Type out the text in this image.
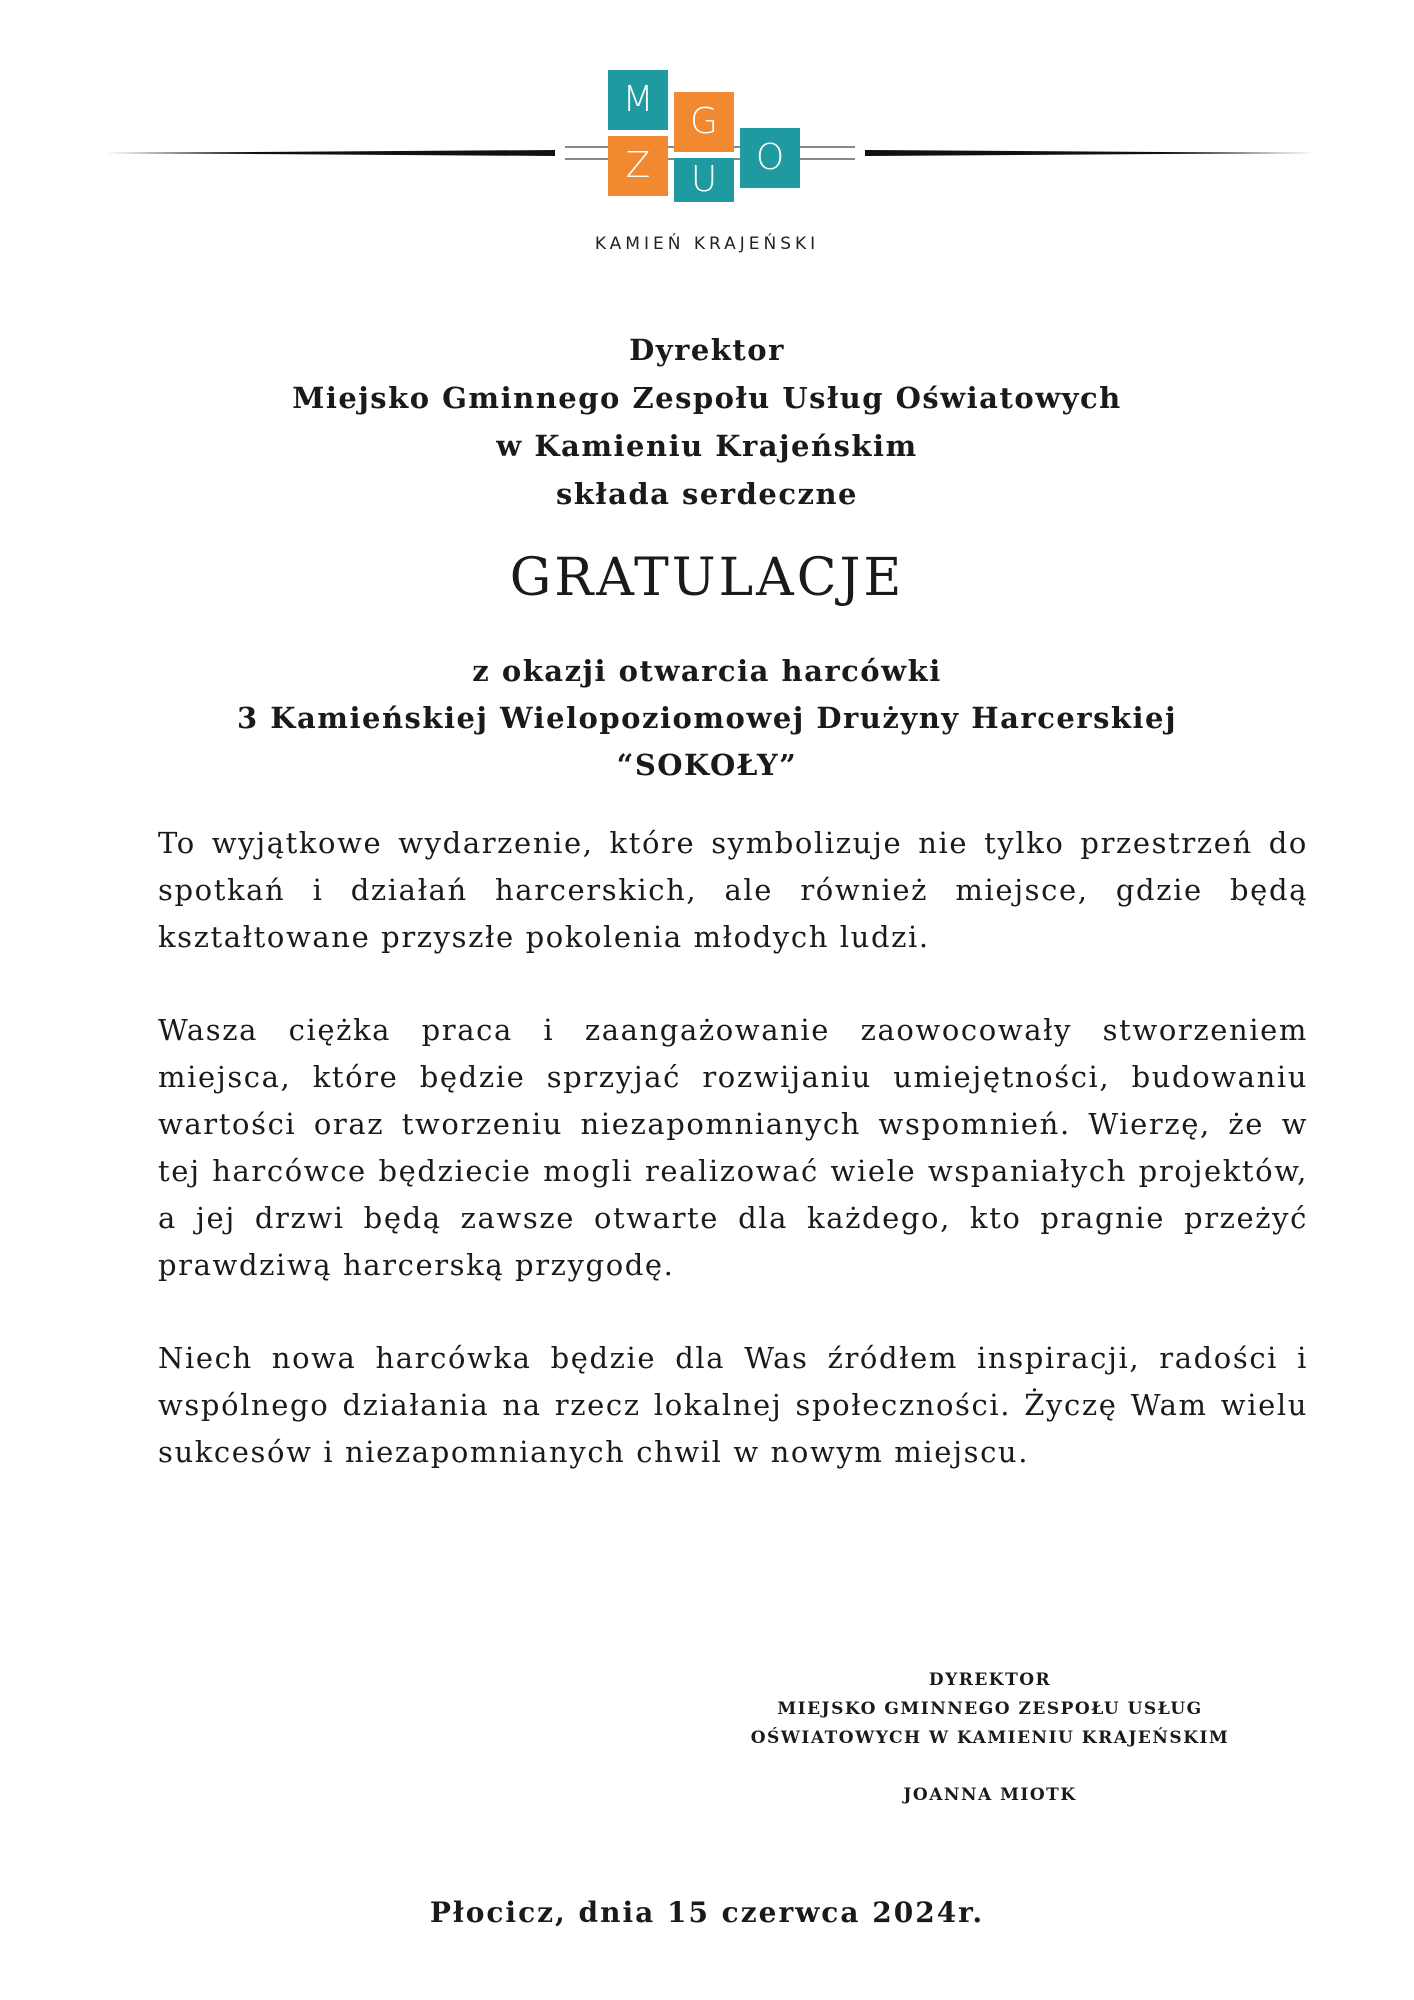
M
G
O
Z U
KAMIEŃ KRAJEŃSKI
Dyrektor
Miejsko Gminnego Zespołu Usług Oświatowych
w Kamieniu Krajeńskim
składa serdeczne
GRATULACJE
z okazji otwarcia harcówki
3 Kamieńskiej Wielopoziomowej Drużyny Harcerskiej
“SOKOŁY”

To wyjątkowe wydarzenie, które symbolizuje nie tylko przestrzeń do spotkań i działań harcerskich, ale również miejsce, gdzie będą kształtowane przyszłe pokolenia młodych ludzi.

Wasza ciężka praca i zaangażowanie zaowocowały stworzeniem miejsca, które będzie sprzyjać rozwijaniu umiejętności, budowaniu wartości oraz tworzeniu niezapomnianych wspomnień. Wierzę, że w tej harcówce będziecie mogli realizować wiele wspaniałych projektów, a jej drzwi będą zawsze otwarte dla każdego, kto pragnie przeżyć prawdziwą harcerską przygodę.

Niech nowa harcówka będzie dla Was źródłem inspiracji, radości i wspólnego działania na rzecz lokalnej społeczności. Życzę Wam wielu sukcesów i niezapomnianych chwil w nowym miejscu.

DYREKTOR
MIEJSKO GMINNEGO ZESPOŁU USŁUG
OŚWIATOWYCH W KAMIENIU KRAJEŃSKIM
JOANNA MIOTK
Płocicz, dnia 15 czerwca 2024r.
